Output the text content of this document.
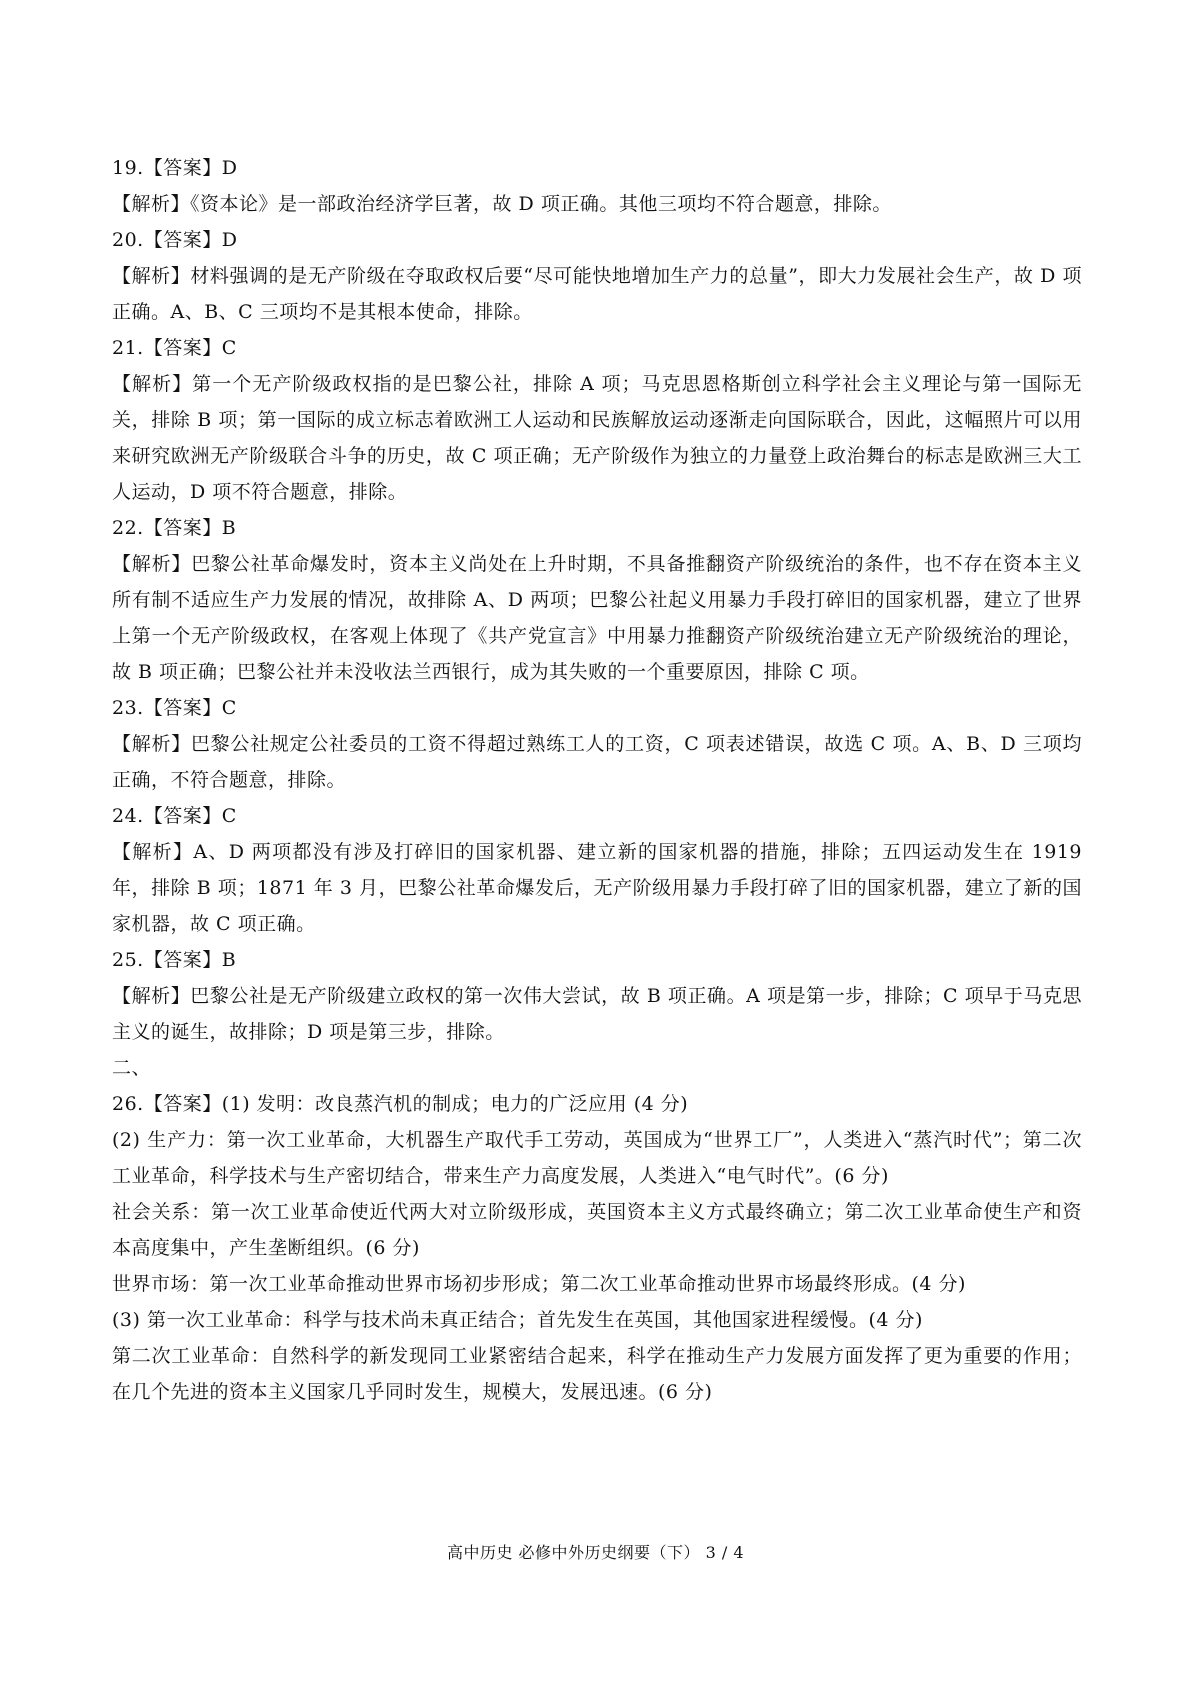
19.【答案】D
【解析】《资本论》是一部政治经济学巨著，故 D 项正确。其他三项均不符合题意，排除。
20.【答案】D
【解析】材料强调的是无产阶级在夺取政权后要“尽可能快地增加生产力的总量”，即大力发展社会生产，故 D 项正确。A、B、C 三项均不是其根本使命，排除。
21.【答案】C
【解析】第一个无产阶级政权指的是巴黎公社，排除 A 项；马克思恩格斯创立科学社会主义理论与第一国际无关，排除 B 项；第一国际的成立标志着欧洲工人运动和民族解放运动逐渐走向国际联合，因此，这幅照片可以用来研究欧洲无产阶级联合斗争的历史，故 C 项正确；无产阶级作为独立的力量登上政治舞台的标志是欧洲三大工人运动，D 项不符合题意，排除。
22.【答案】B
【解析】巴黎公社革命爆发时，资本主义尚处在上升时期，不具备推翻资产阶级统治的条件，也不存在资本主义所有制不适应生产力发展的情况，故排除 A、D 两项；巴黎公社起义用暴力手段打碎旧的国家机器，建立了世界上第一个无产阶级政权，在客观上体现了《共产党宣言》中用暴力推翻资产阶级统治建立无产阶级统治的理论，故 B 项正确；巴黎公社并未没收法兰西银行，成为其失败的一个重要原因，排除 C 项。
23.【答案】C
【解析】巴黎公社规定公社委员的工资不得超过熟练工人的工资，C 项表述错误，故选 C 项。A、B、D 三项均正确，不符合题意，排除。
24.【答案】C
【解析】A、D 两项都没有涉及打碎旧的国家机器、建立新的国家机器的措施，排除；五四运动发生在 1919 年，排除 B 项；1871 年 3 月，巴黎公社革命爆发后，无产阶级用暴力手段打碎了旧的国家机器，建立了新的国家机器，故 C 项正确。
25.【答案】B
【解析】巴黎公社是无产阶级建立政权的第一次伟大尝试，故 B 项正确。A 项是第一步，排除；C 项早于马克思主义的诞生，故排除；D 项是第三步，排除。
二、
26.【答案】(1) 发明：改良蒸汽机的制成；电力的广泛应用 (4 分)
(2) 生产力：第一次工业革命，大机器生产取代手工劳动，英国成为“世界工厂”，人类进入“蒸汽时代”；第二次工业革命，科学技术与生产密切结合，带来生产力高度发展，人类进入“电气时代”。(6 分)
社会关系：第一次工业革命使近代两大对立阶级形成，英国资本主义方式最终确立；第二次工业革命使生产和资本高度集中，产生垄断组织。(6 分)
世界市场：第一次工业革命推动世界市场初步形成；第二次工业革命推动世界市场最终形成。(4 分)
(3) 第一次工业革命：科学与技术尚未真正结合；首先发生在英国，其他国家进程缓慢。(4 分)
第二次工业革命：自然科学的新发现同工业紧密结合起来，科学在推动生产力发展方面发挥了更为重要的作用；在几个先进的资本主义国家几乎同时发生，规模大，发展迅速。(6 分)
高中历史 必修中外历史纲要（下） 3 / 4
